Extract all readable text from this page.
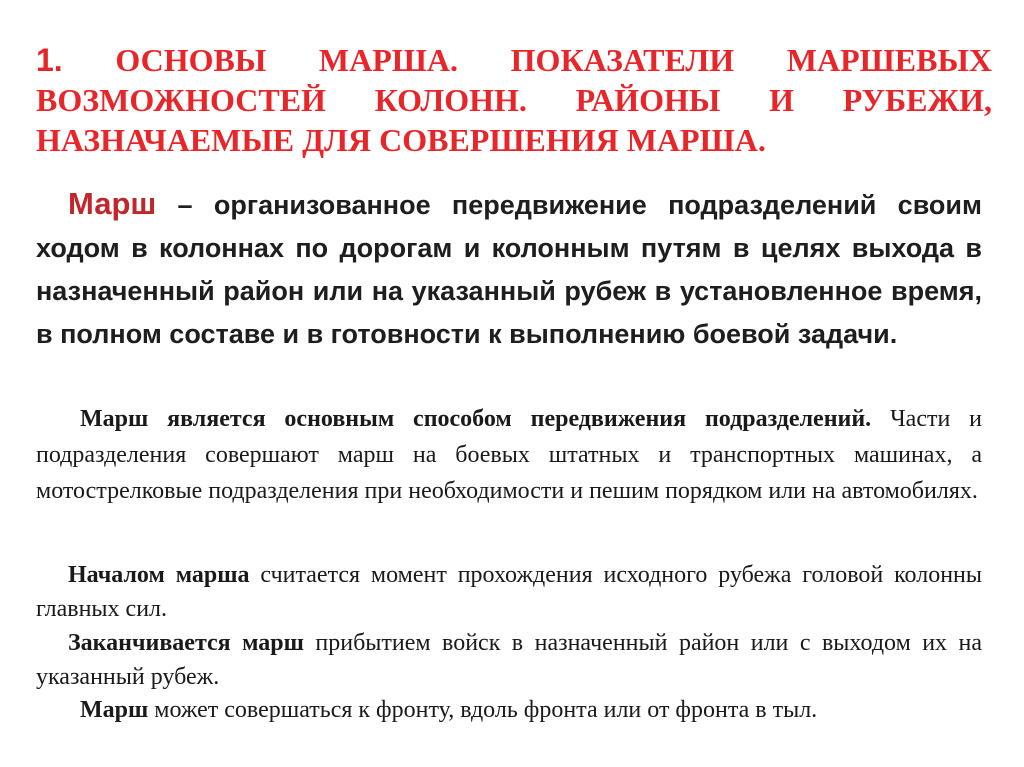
1. ОСНОВЫ МАРША. ПОКАЗАТЕЛИ МАРШЕВЫХ ВОЗМОЖНОСТЕЙ КОЛОНН. РАЙОНЫ И РУБЕЖИ, НАЗНАЧАЕМЫЕ ДЛЯ СОВЕРШЕНИЯ МАРША.

Марш – организованное передвижение подразделений своим ходом в колоннах по дорогам и колонным путям в целях выхода в назначенный район или на указанный рубеж в установленное время, в полном составе и в готовности к выполнению боевой задачи.

Марш является основным способом передвижения подразделений. Части и подразделения совершают марш на боевых штатных и транспортных машинах, а мотострелковые подразделения при необходимости и пешим порядком или на автомобилях.

Началом марша считается момент прохождения исходного рубежа головой колонны главных сил.

Заканчивается марш прибытием войск в назначенный район или с выходом их на указанный рубеж.

Марш может совершаться к фронту, вдоль фронта или от фронта в тыл.
